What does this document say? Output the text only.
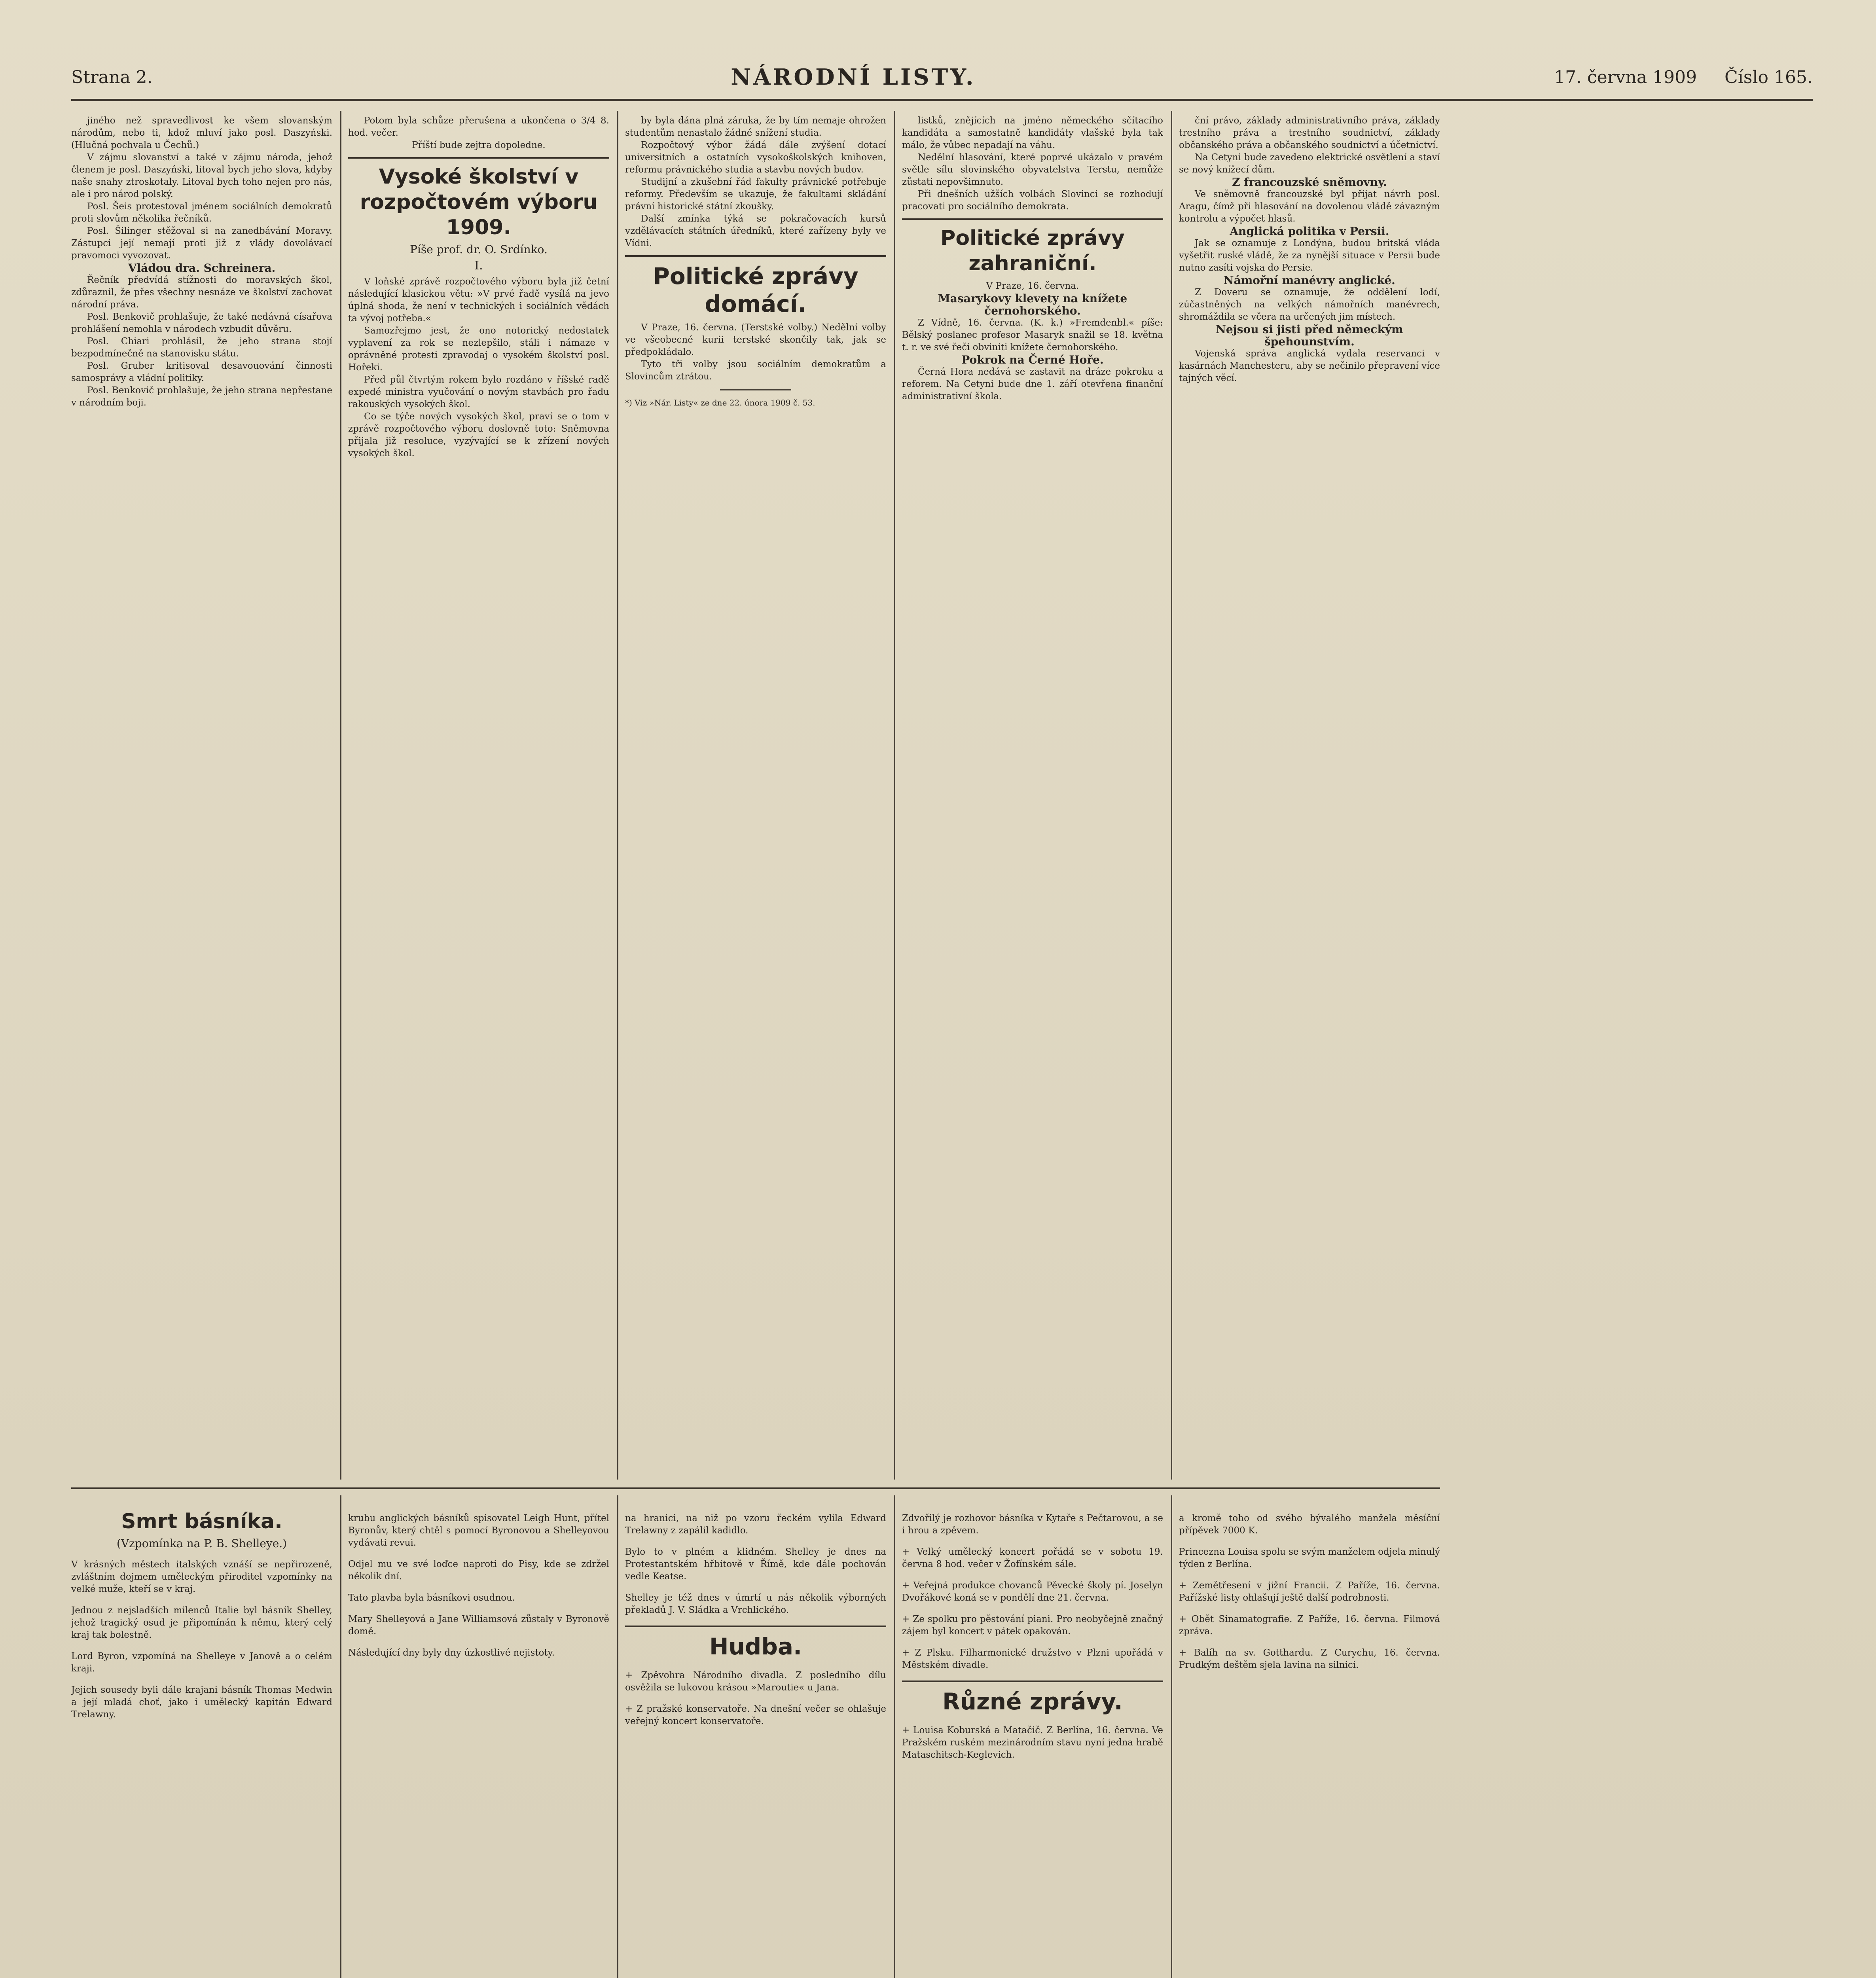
Strana 2.	NÁRODNÍ LISTY.	17. června 1909 Číslo 165.

jiného než spravedlivost ke všem slovanským národům, nebo ti, kdož mluví jako posl. Daszyński. (Hlučná pochvala u Čechů.)

V zájmu slovanství a také v zájmu národa, jehož členem je posl. Daszyński, litoval bych jeho slova, kdyby naše snahy ztroskotaly. Litoval bych toho nejen pro nás, ale i pro národ polský.

Posl. Šeis protestoval jménem sociálních demokratů proti slovům několika řečníků.

Posl. Šilinger stěžoval si na zanedbávání Moravy. Zástupci její nemají proti již z vlády dovolávací pravomoci vyvozovat.

Vládou dra. Schreinera.

Řečník předvídá stížnosti do moravských škol, zdůraznil, že přes všechny nesnáze ve školství zachovat národní práva.

Posl. Benkovič prohlašuje, že také nedávná císařova prohlášení nemohla v národech vzbudit důvěru.

Posl. Chiari prohlásil, že jeho strana stojí bezpodmínečně na stanovisku státu.

Posl. Gruber kritisoval desavouování činnosti samosprávy a vládní politiky.

Posl. Benkovič prohlašuje, že jeho strana nepřestane v národním boji.

Potom byla schůze přerušena a ukončena o 3/4 8. hod. večer.

Příští bude zejtra dopoledne.

Vysoké školství v rozpočtovém výboru 1909.
Píše prof. dr. O. Srdínko.
I.

V loňské zprávě rozpočtového výboru byla již četní následující klasickou větu: »V prvé řadě vysílá na jevo úplná shoda, že není v technických i sociálních vědách ta vývoj potřeba.«

Samozřejmo jest, že ono notorický nedostatek vyplavení za rok se nezlepšilo, stáli i námaze v oprávněné protesti zpravodaj o vysokém školství posl. Hořeki.

Před půl čtvrtým rokem bylo rozdáno v říšské radě expedé ministra vyučování o novým stavbách pro řadu rakouských vysokých škol.

Co se týče nových vysokých škol, praví se o tom v zprávě rozpočtového výboru doslovně toto: Sněmovna přijala již resoluce, vyzývající se k zřízení nových vysokých škol.

by byla dána plná záruka, že by tím nemaje ohrožen studentům nenastalo žádné snížení studia.

Rozpočtový výbor žádá dále zvýšení dotací universitních a ostatních vysokoškolských knihoven, reformu právnického studia a stavbu nových budov.

Studijní a zkušební řád fakulty právnické potřebuje reformy. Především se ukazuje, že fakultami skládání právní historické státní zkoušky.

Další zmínka týká se pokračovacích kursů vzdělávacích státních úředníků, které zařízeny byly ve Vídni.

Politické zprávy domácí.

V Praze, 16. června. (Terstské volby.) Nedělní volby ve všeobecné kurii terstské skončily tak, jak se předpokládalo.

Tyto tři volby jsou sociálním demokratům a Slovincům ztrátou.

*) Viz »Nár. Listy« ze dne 22. února 1909 č. 53.

listků, znějících na jméno německého sčítacího kandidáta a samostatně kandidáty vlašské byla tak málo, že vůbec nepadají na váhu.

Nedělní hlasování, které poprvé ukázalo v pravém světle sílu slovinského obyvatelstva Terstu, nemůže zůstati nepovšimnuto.

Při dnešních užších volbách Slovinci se rozhodují pracovati pro sociálního demokrata.

Politické zprávy zahraniční.

V Praze, 16. června.

Masarykovy klevety na knížete černohorského.

Z Vídně, 16. června. (K. k.) »Fremdenbl.« píše: Bělský poslanec profesor Masaryk snažil se 18. května t. r. ve své řeči obviniti knížete černohorského.

Pokrok na Černé Hoře.

Černá Hora nedává se zastavit na dráze pokroku a reforem. Na Cetyni bude dne 1. září otevřena finanční administrativní škola.

ční právo, základy administrativního práva, základy trestního práva a trestního soudnictví, základy občanského práva a občanského soudnictví a účetnictví.

Na Cetyni bude zavedeno elektrické osvětlení a staví se nový knížecí dům.

Z francouzské sněmovny.

Ve sněmovně francouzské byl přijat návrh posl. Aragu, čímž při hlasování na dovolenou vládě závazným kontrolu a výpočet hlasů.

Anglická politika v Persii.

Jak se oznamuje z Londýna, budou britská vláda vyšetřit ruské vládě, že za nynější situace v Persii bude nutno zasíti vojska do Persie.

Námořní manévry anglické.

Z Doveru se oznamuje, že oddělení lodí, zúčastněných na velkých námořních manévrech, shromáždila se včera na určených jim místech.

Nejsou si jisti před německým špehounstvím.

Vojenská správa anglická vydala reservanci v kasárnách Manchesteru, aby se nečinilo přepravení více tajných věcí.

Smrt básníka.
(Vzpomínka na P. B. Shelleye.)

V krásných městech italských vznáší se nepřirozeně, zvláštním dojmem uměleckým přiroditel vzpomínky na velké muže, kteří se v kraj.

Jednou z nejsladších milenců Italie byl básník Shelley, jehož tragický osud je připomínán k němu, který celý kraj tak bolestně.

Lord Byron, vzpomíná na Shelleye v Janově a o celém kraji.

Jejich sousedy byli dále krajani básník Thomas Medwin a její mladá choť, jako i umělecký kapitán Edward Trelawny.

krubu anglických básníků spisovatel Leigh Hunt, přítel Byronův, který chtěl s pomocí Byronovou a Shelleyovou vydávati revui.

Odjel mu ve své loďce naproti do Pisy, kde se zdržel několik dní.

Tato plavba byla básníkovi osudnou.

Mary Shelleyová a Jane Williamsová zůstaly v Byronově domě.

Následující dny byly dny úzkostlivé nejistoty.

na hranici, na niž po vzoru řeckém vylila Edward Trelawny z zapálil kadidlo.

Bylo to v plném a klidném. Shelley je dnes na Protestantském hřbitově v Římě, kde dále pochován vedle Keatse.

Shelley je též dnes v úmrtí u nás několik výborných překladů J. V. Sládka a Vrchlického.

Hudba.

+ Zpěvohra Národního divadla. Z posledního dílu osvěžila se lukovou krásou »Maroutie« u Jana.

+ Z pražské konservatoře. Na dnešní večer se ohlašuje veřejný koncert konservatoře.

Zdvořilý je rozhovor básníka v Kytaře s Pečtarovou, a se i hrou a zpěvem.

+ Velký umělecký koncert pořádá se v sobotu 19. června 8 hod. večer v Žofínském sále.

+ Veřejná produkce chovanců Pěvecké školy pí. Joselyn Dvořákové koná se v pondělí dne 21. června.

+ Ze spolku pro pěstování piani. Pro neobyčejně značný zájem byl koncert v pátek opakován.

+ Z Plsku. Filharmonické družstvo v Plzni upořádá v Městském divadle.

Různé zprávy.

+ Louisa Koburská a Matačič. Z Berlína, 16. června. Ve Pražském ruském mezinárodním stavu nyní jedna hrabě Mataschitsch-Keglevich.

a kromě toho od svého bývalého manžela měsíční přípěvek 7000 K.

Princezna Louisa spolu se svým manželem odjela minulý týden z Berlína.

+ Zemětřesení v jižní Francii. Z Paříže, 16. června. Pařížské listy ohlašují ještě další podrobnosti.

+ Obět Sinamatografie. Z Paříže, 16. června. Filmová zpráva.

+ Balíh na sv. Gotthardu. Z Curychu, 16. června. Prudkým deštěm sjela lavina na silnici.
